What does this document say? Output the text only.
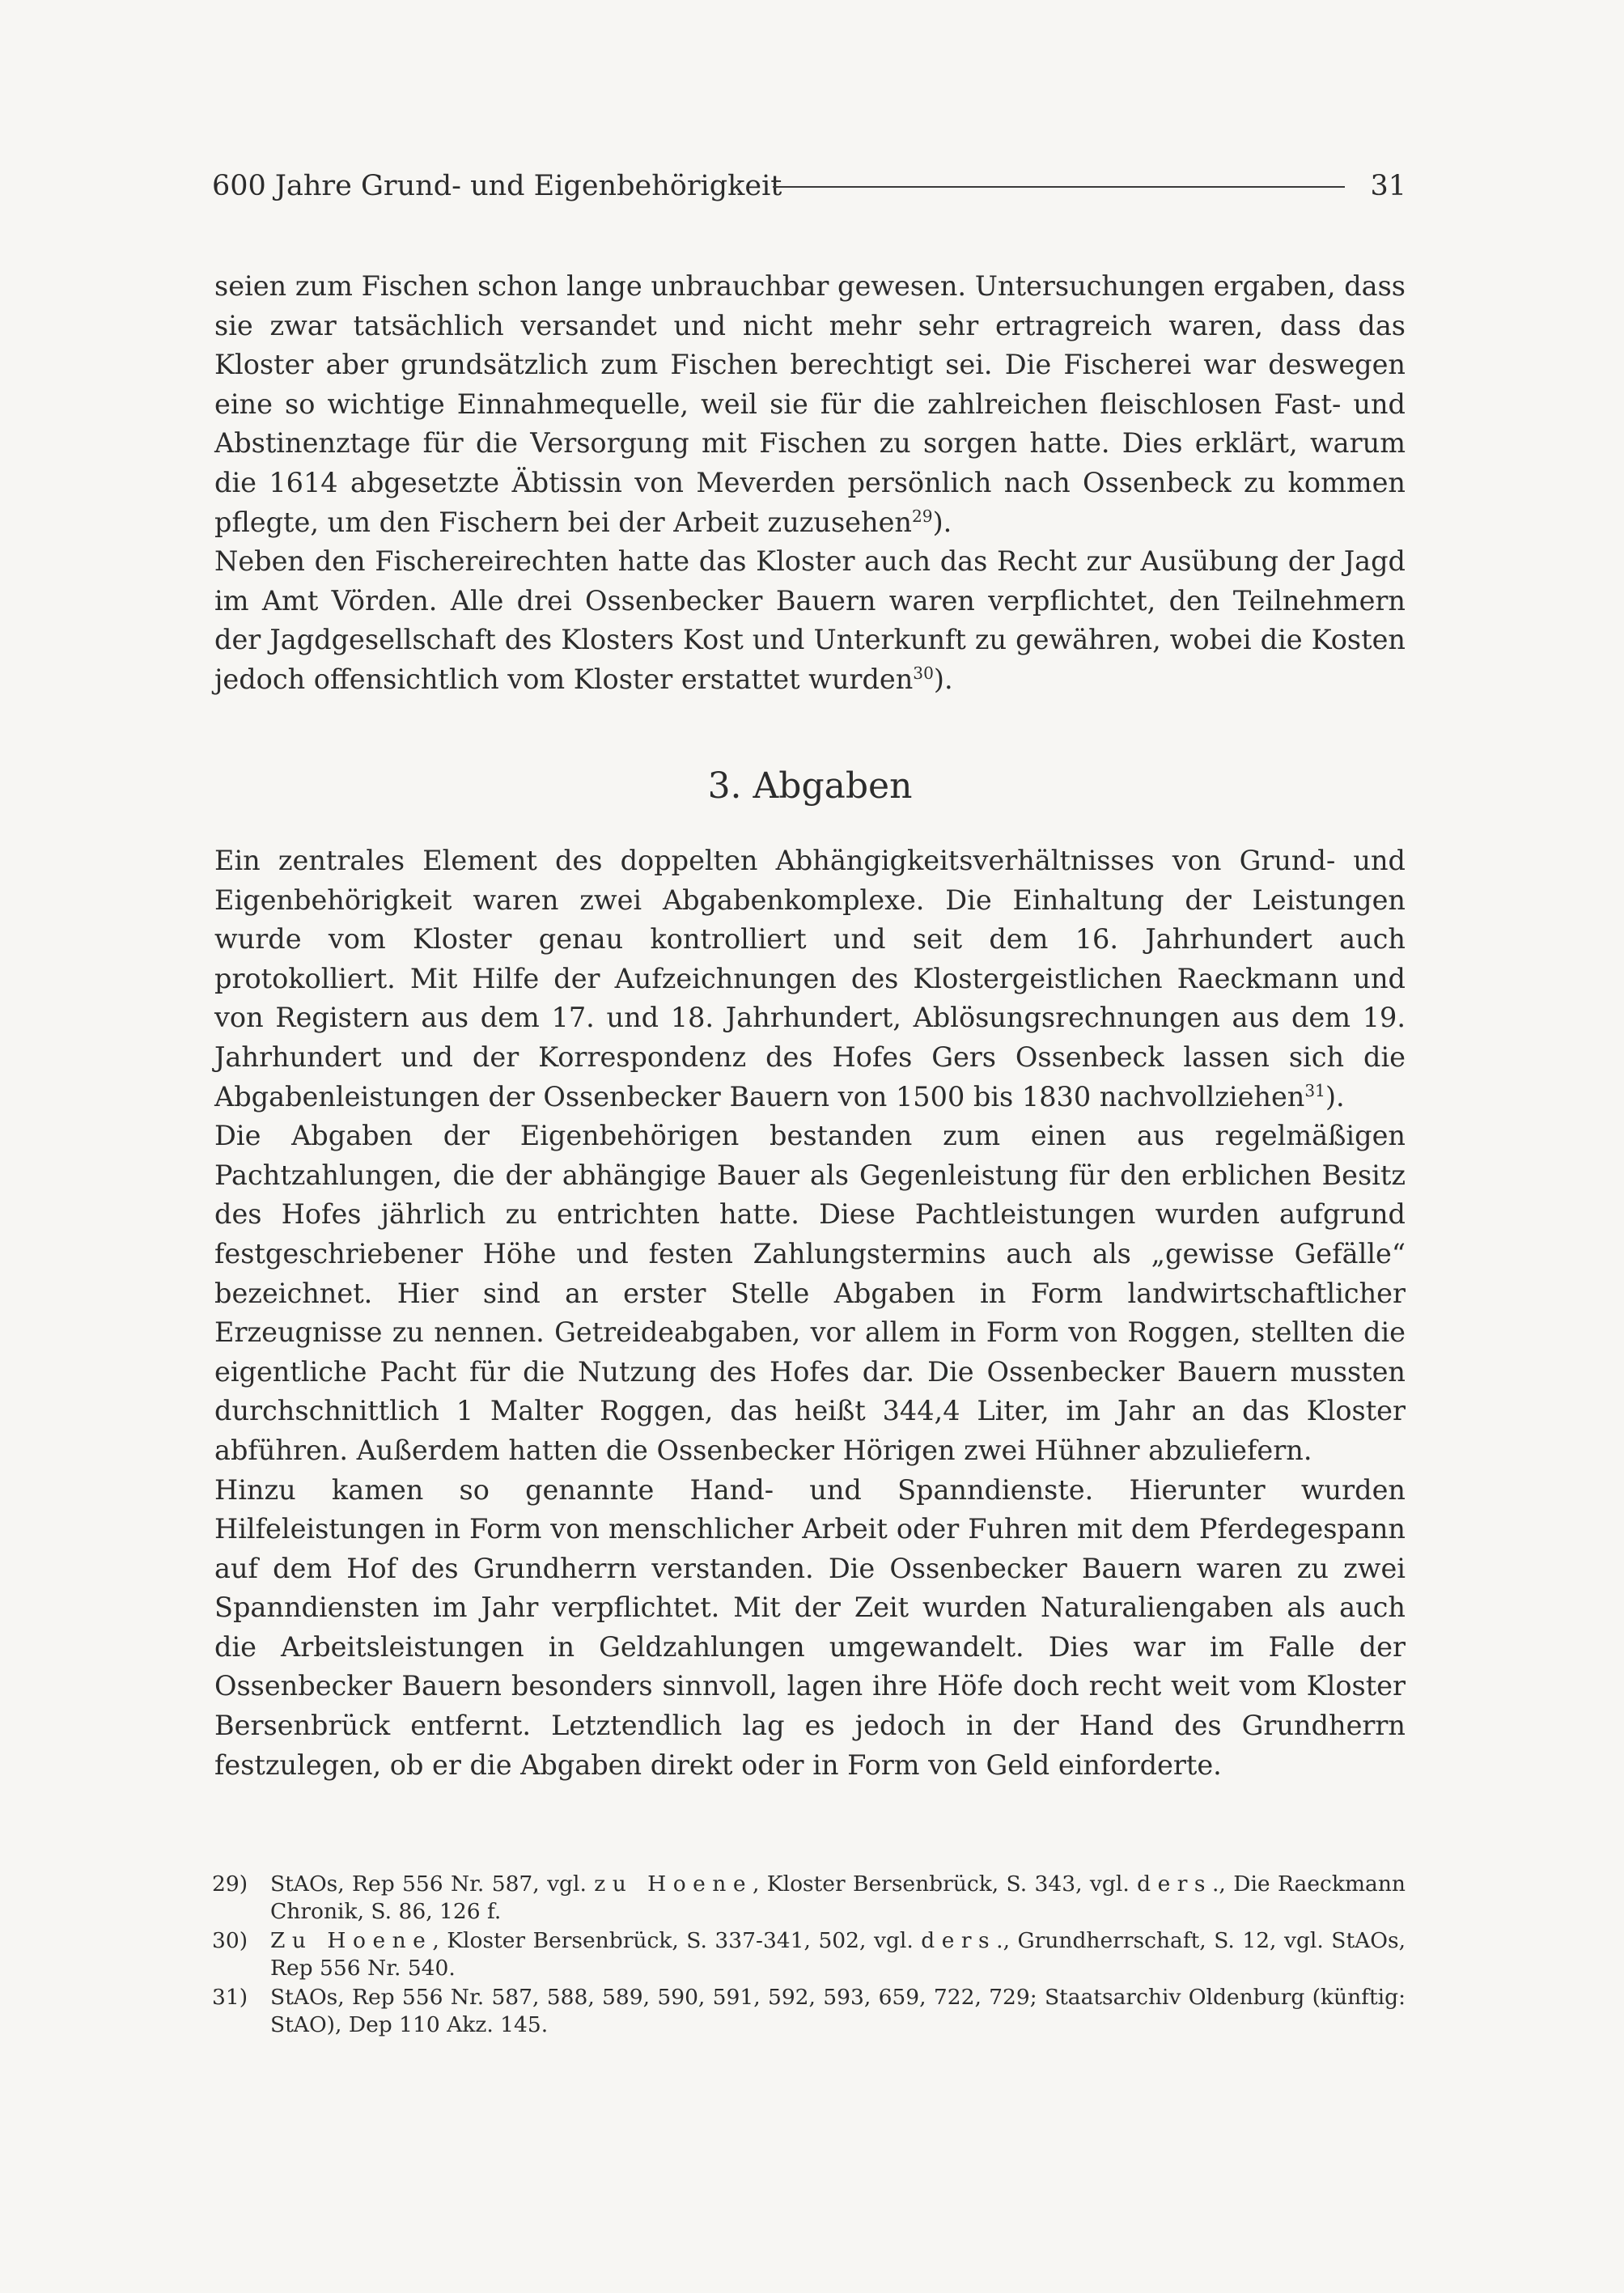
600 Jahre Grund- und Eigenbehörigkeit	31

seien zum Fischen schon lange unbrauchbar gewesen. Untersuchungen ergaben, dass sie zwar tatsächlich versandet und nicht mehr sehr ertragreich waren, dass das Kloster aber grundsätzlich zum Fischen berechtigt sei. Die Fischerei war deswegen eine so wichtige Einnahmequelle, weil sie für die zahlreichen fleischlosen Fast- und Abstinenztage für die Versorgung mit Fischen zu sorgen hatte. Dies erklärt, warum die 1614 abgesetzte Äbtissin von Meverden persönlich nach Ossenbeck zu kommen pflegte, um den Fischern bei der Arbeit zuzusehen$^{29}$).

Neben den Fischereirechten hatte das Kloster auch das Recht zur Ausübung der Jagd im Amt Vörden. Alle drei Ossenbecker Bauern waren verpflichtet, den Teilnehmern der Jagdgesellschaft des Klosters Kost und Unterkunft zu gewähren, wobei die Kosten jedoch offensichtlich vom Kloster erstattet wurden$^{30}$).

3. Abgaben

Ein zentrales Element des doppelten Abhängigkeitsverhältnisses von Grund- und Eigenbehörigkeit waren zwei Abgabenkomplexe. Die Einhaltung der Leistungen wurde vom Kloster genau kontrolliert und seit dem 16. Jahrhundert auch protokolliert. Mit Hilfe der Aufzeichnungen des Klostergeistlichen Raeckmann und von Registern aus dem 17. und 18. Jahrhundert, Ablösungsrechnungen aus dem 19. Jahrhundert und der Korrespondenz des Hofes Gers Ossenbeck lassen sich die Abgabenleistungen der Ossenbecker Bauern von 1500 bis 1830 nachvollziehen$^{31}$).

Die Abgaben der Eigenbehörigen bestanden zum einen aus regelmäßigen Pachtzahlungen, die der abhängige Bauer als Gegenleistung für den erblichen Besitz des Hofes jährlich zu entrichten hatte. Diese Pachtleistungen wurden aufgrund festgeschriebener Höhe und festen Zahlungstermins auch als „gewisse Gefälle“ bezeichnet. Hier sind an erster Stelle Abgaben in Form landwirtschaftlicher Erzeugnisse zu nennen. Getreideabgaben, vor allem in Form von Roggen, stellten die eigentliche Pacht für die Nutzung des Hofes dar. Die Ossenbecker Bauern mussten durchschnittlich 1 Malter Roggen, das heißt 344,4 Liter, im Jahr an das Kloster abführen. Außerdem hatten die Ossenbecker Hörigen zwei Hühner abzuliefern.

Hinzu kamen so genannte Hand- und Spanndienste. Hierunter wurden Hilfeleistungen in Form von menschlicher Arbeit oder Fuhren mit dem Pferdegespann auf dem Hof des Grundherrn verstanden. Die Ossenbecker Bauern waren zu zwei Spanndiensten im Jahr verpflichtet. Mit der Zeit wurden Naturaliengaben als auch die Arbeitsleistungen in Geldzahlungen umgewandelt. Dies war im Falle der Ossenbecker Bauern besonders sinnvoll, lagen ihre Höfe doch recht weit vom Kloster Bersenbrück entfernt. Letztendlich lag es jedoch in der Hand des Grundherrn festzulegen, ob er die Abgaben direkt oder in Form von Geld einforderte.

29) StAOs, Rep 556 Nr. 587, vgl. zu Hoene, Kloster Bersenbrück, S. 343, vgl. ders., Die Raeckmann Chronik, S. 86, 126 f.
30) Zu Hoene, Kloster Bersenbrück, S. 337-341, 502, vgl. ders., Grundherrschaft, S. 12, vgl. StAOs, Rep 556 Nr. 540.
31) StAOs, Rep 556 Nr. 587, 588, 589, 590, 591, 592, 593, 659, 722, 729; Staatsarchiv Oldenburg (künftig: StAO), Dep 110 Akz. 145.
